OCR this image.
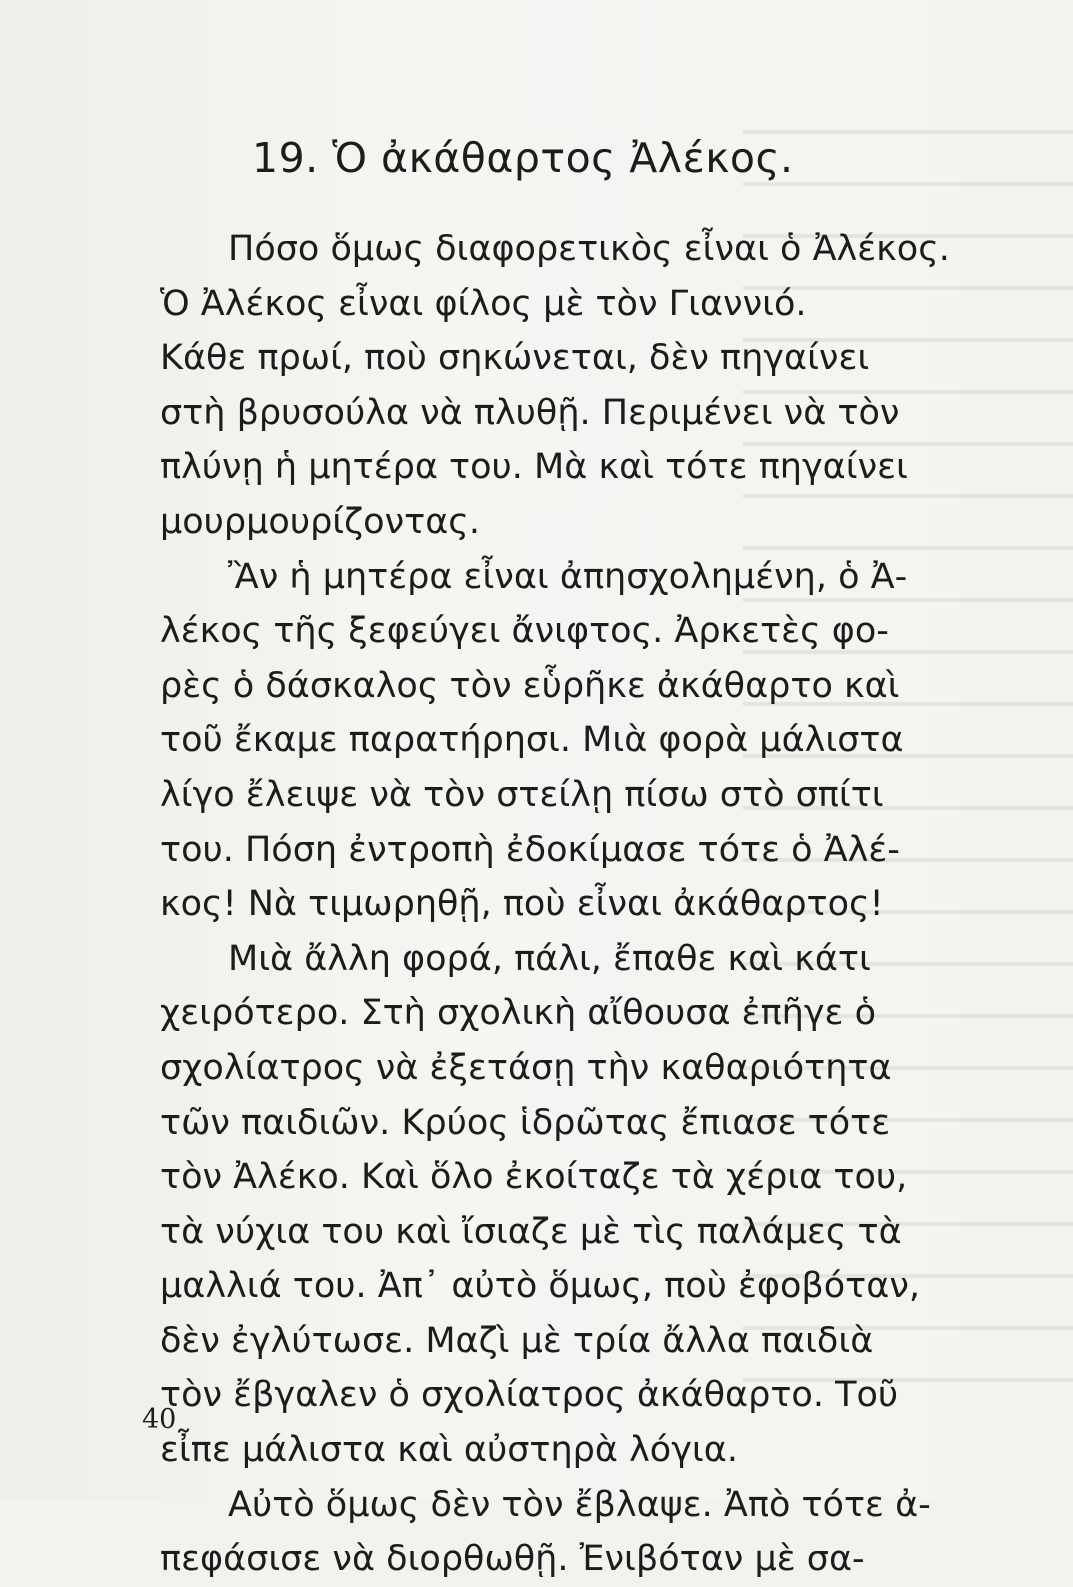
19. Ὁ ἀκάθαρτος Ἀλέκος.
Πόσο ὅμως διαφορετικὸς εἶναι ὁ Ἀλέκος.
Ὁ Ἀλέκος εἶναι φίλος μὲ τὸν Γιαννιό.
Κάθε πρωί, ποὺ σηκώνεται, δὲν πηγαίνει
στὴ βρυσούλα νὰ πλυθῇ. Περιμένει νὰ τὸν
πλύνῃ ἡ μητέρα του. Μὰ καὶ τότε πηγαίνει
μουρμουρίζοντας.
Ἂν ἡ μητέρα εἶναι ἀπησχολημένη, ὁ Ἀ-
λέκος τῆς ξεφεύγει ἄνιφτος. Ἀρκετὲς φο-
ρὲς ὁ δάσκαλος τὸν εὗρῆκε ἀκάθαρτο καὶ
τοῦ ἔκαμε παρατήρησι. Μιὰ φορὰ μάλιστα
λίγο ἔλειψε νὰ τὸν στείλῃ πίσω στὸ σπίτι
του. Πόση ἐντροπὴ ἐδοκίμασε τότε ὁ Ἀλέ-
κος! Νὰ τιμωρηθῇ, ποὺ εἶναι ἀκάθαρτος!
Μιὰ ἄλλη φορά, πάλι, ἔπαθε καὶ κάτι
χειρότερο. Στὴ σχολικὴ αἴθουσα ἐπῆγε ὁ
σχολίατρος νὰ ἐξετάσῃ τὴν καθαριότητα
τῶν παιδιῶν. Κρύος ἱδρῶτας ἔπιασε τότε
τὸν Ἀλέκο. Καὶ ὅλο ἐκοίταζε τὰ χέρια του,
τὰ νύχια του καὶ ἴσιαζε μὲ τὶς παλάμες τὰ
μαλλιά του. Ἀπ᾿ αὐτὸ ὅμως, ποὺ ἐφοβόταν,
δὲν ἐγλύτωσε. Μαζὶ μὲ τρία ἄλλα παιδιὰ
τὸν ἔβγαλεν ὁ σχολίατρος ἀκάθαρτο. Τοῦ
εἶπε μάλιστα καὶ αὐστηρὰ λόγια.
Αὐτὸ ὅμως δὲν τὸν ἔβλαψε. Ἀπὸ τότε ἀ-
πεφάσισε νὰ διορθωθῇ. Ἐνιβόταν μὲ σα-
40
